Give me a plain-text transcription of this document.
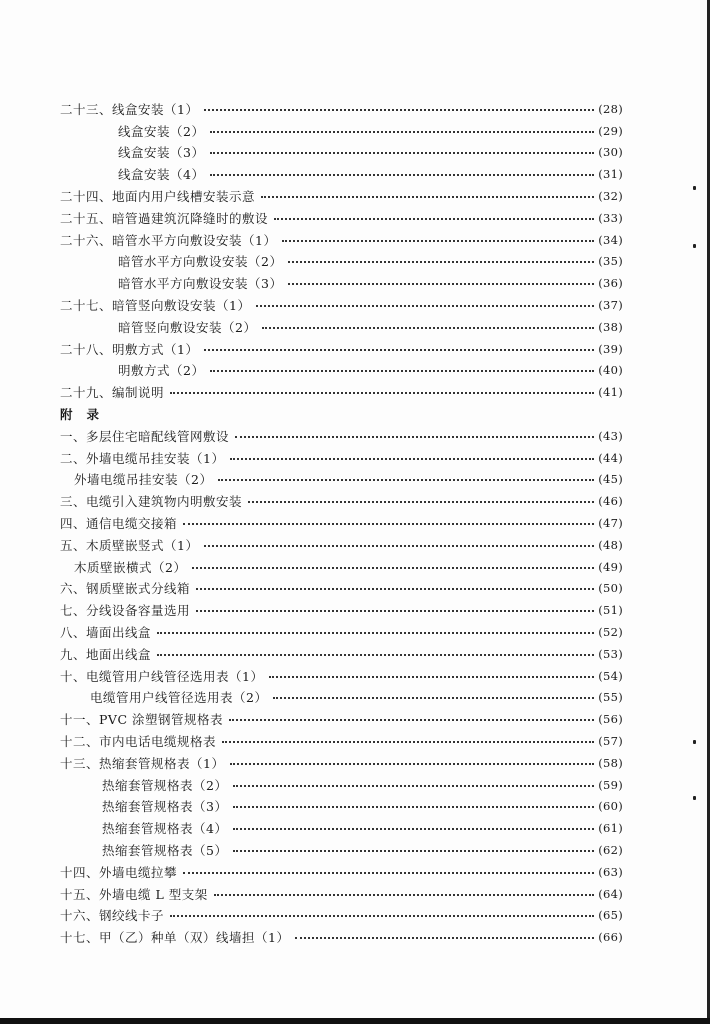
二十三、线盒安装（1）	(28)
线盒安装（2）	(29)
线盒安装（3）	(30)
线盒安装（4）	(31)
二十四、地面内用户线槽安装示意	(32)
二十五、暗管過建筑沉降缝时的敷设	(33)
二十六、暗管水平方向敷设安装（1）	(34)
暗管水平方向敷设安装（2）	(35)
暗管水平方向敷设安装（3）	(36)
二十七、暗管竖向敷设安装（1）	(37)
暗管竖向敷设安装（2）	(38)
二十八、明敷方式（1）	(39)
明敷方式（2）	(40)
二十九、编制说明	(41)
附录
一、多层住宅暗配线管网敷设	(43)
二、外墙电缆吊挂安装（1）	(44)
外墙电缆吊挂安装（2）	(45)
三、电缆引入建筑物内明敷安装	(46)
四、通信电缆交接箱	(47)
五、木质壁嵌竖式（1）	(48)
木质壁嵌横式（2）	(49)
六、钢质壁嵌式分线箱	(50)
七、分线设备容量选用	(51)
八、墙面出线盒	(52)
九、地面出线盒	(53)
十、电缆管用户线管径选用表（1）	(54)
电缆管用户线管径选用表（2）	(55)
十一、PVC 涂塑钢管规格表	(56)
十二、市内电话电缆规格表	(57)
十三、热缩套管规格表（1）	(58)
热缩套管规格表（2）	(59)
热缩套管规格表（3）	(60)
热缩套管规格表（4）	(61)
热缩套管规格表（5）	(62)
十四、外墙电缆拉攀	(63)
十五、外墙电缆 L 型支架	(64)
十六、钢绞线卡子	(65)
十七、甲（乙）种单（双）线墙担（1）	(66)
